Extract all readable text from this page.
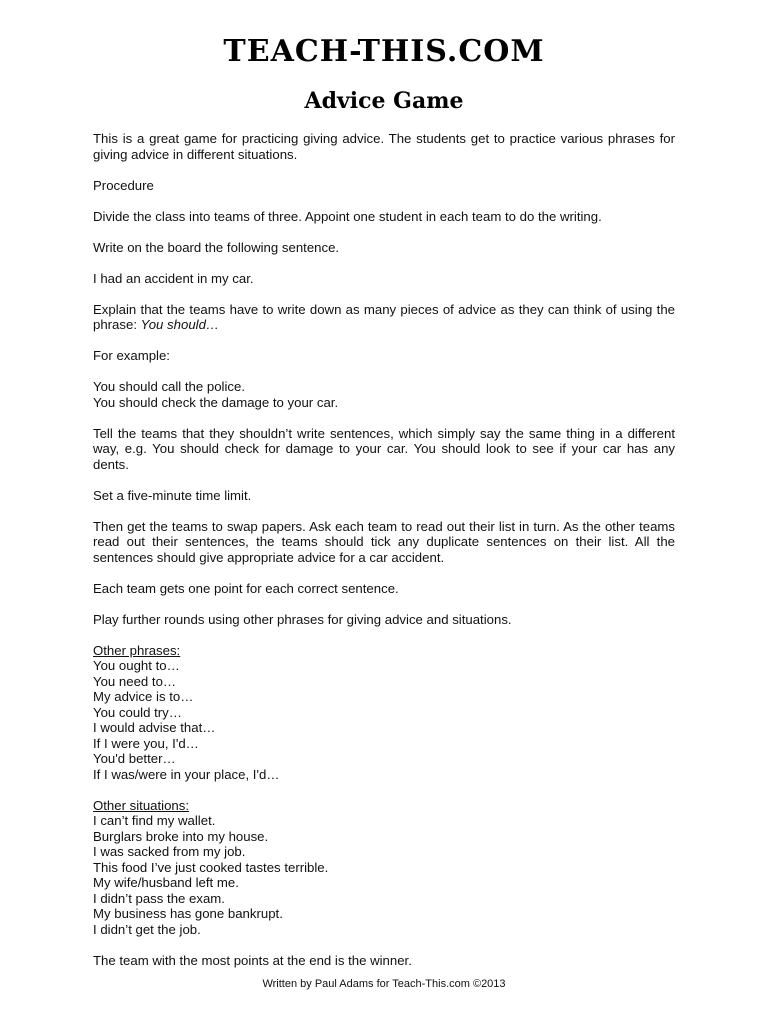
TEACH-THIS.COM
Advice Game

This is a great game for practicing giving advice. The students get to practice various phrases for giving advice in different situations.

Procedure

Divide the class into teams of three. Appoint one student in each team to do the writing.

Write on the board the following sentence.

I had an accident in my car.

Explain that the teams have to write down as many pieces of advice as they can think of using the phrase: You should…

For example:

You should call the police.
You should check the damage to your car.

Tell the teams that they shouldn’t write sentences, which simply say the same thing in a different way, e.g. You should check for damage to your car. You should look to see if your car has any dents.

Set a five-minute time limit.

Then get the teams to swap papers. Ask each team to read out their list in turn. As the other teams read out their sentences, the teams should tick any duplicate sentences on their list. All the sentences should give appropriate advice for a car accident.

Each team gets one point for each correct sentence.

Play further rounds using other phrases for giving advice and situations.

Other phrases:
You ought to…
You need to…
My advice is to…
You could try…
I would advise that…
If I were you, I'd…
You'd better…
If I was/were in your place, I'd…
Other situations:
I can’t find my wallet.
Burglars broke into my house.
I was sacked from my job.
This food I’ve just cooked tastes terrible.
My wife/husband left me.
I didn’t pass the exam.
My business has gone bankrupt.
I didn’t get the job.

The team with the most points at the end is the winner.

Written by Paul Adams for Teach-This.com ©2013
